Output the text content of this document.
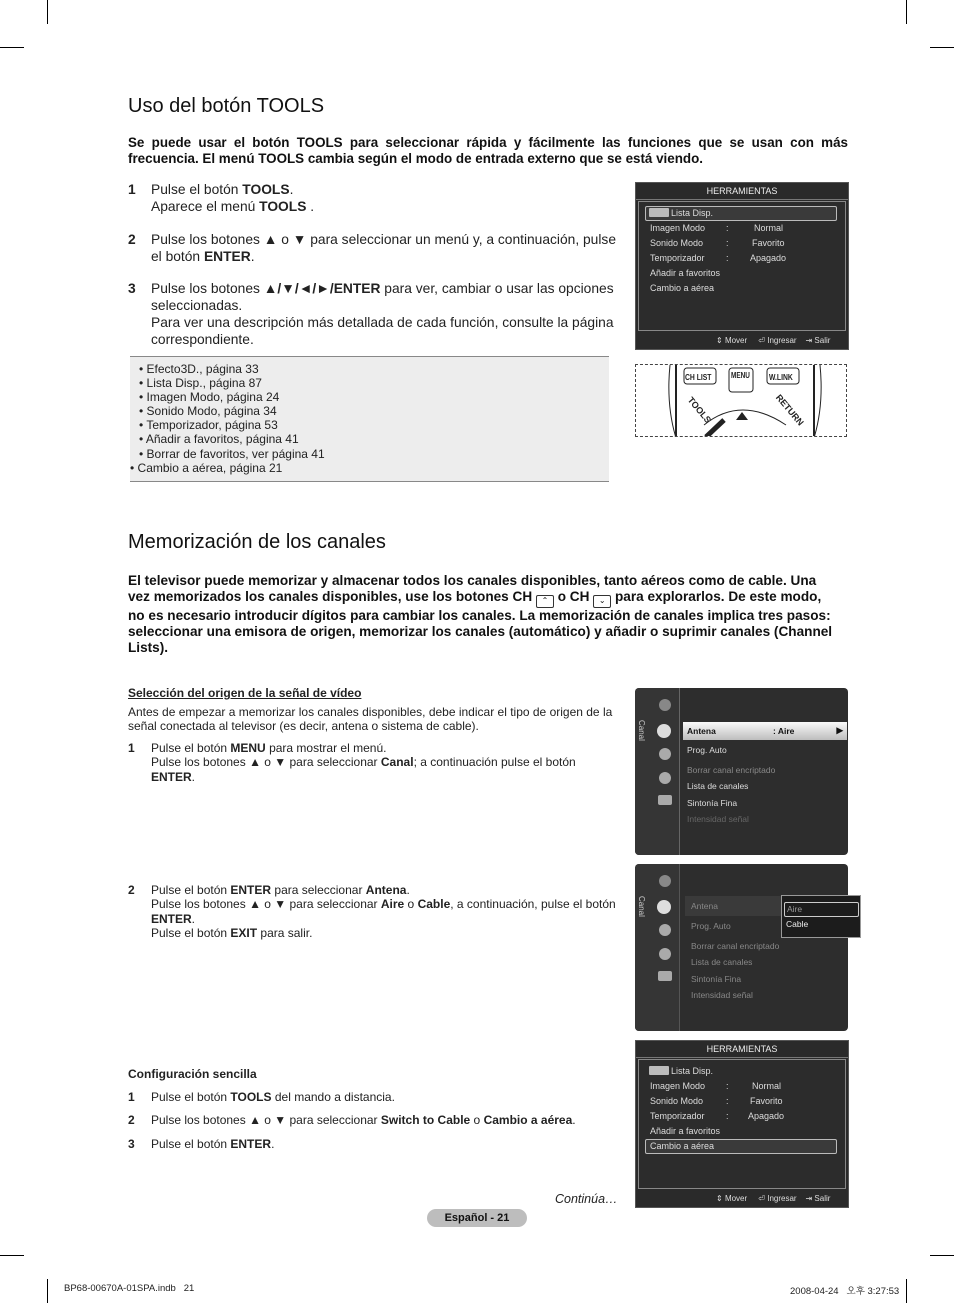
Uso del botón TOOLS
Se puede usar el botón TOOLS para seleccionar rápida y fácilmente las funciones que se usan con más frecuencia. El menú TOOLS cambia según el modo de entrada externo que se está viendo.
1 Pulse el botón TOOLS.
Aparece el menú TOOLS .
2 Pulse los botones ▲ o ▼ para seleccionar un menú y, a continuación, pulse el botón ENTER.
3 Pulse los botones ▲/▼/◄/►/ENTER para ver, cambiar o usar las opciones seleccionadas.
Para ver una descripción más detallada de cada función, consulte la página correspondiente.
• Efecto3D., página 33
• Lista Disp., página 87
• Imagen Modo, página 24
• Sonido Modo, página 34
• Temporizador, página 53
• Añadir a favoritos, página 41
• Borrar de favoritos, ver página 41
• Cambio a aérea, página 21
HERRAMIENTAS
Lista Disp.
Imagen Modo :	Normal
Sonido Modo	:	Favorito
Temporizador : Apagado
Añadir a favoritos
Cambio a aérea
⇕ Mover ⏎ Ingresar ⇥ Salir
CH LIST MENU W.LINK
TOOLS	RETURN
Memorización de los canales
El televisor puede memorizar y almacenar todos los canales disponibles, tanto aéreos como de cable. Una vez memorizados los canales disponibles, use los botones CH ⌃ o CH ⌄ para explorarlos. De este modo, no es necesario introducir dígitos para cambiar los canales. La memorización de canales implica tres pasos: seleccionar una emisora de origen, memorizar los canales (automático) y añadir o suprimir canales (Channel Lists).
Selección del origen de la señal de vídeo
Antes de empezar a memorizar los canales disponibles, debe indicar el tipo de origen de la señal conectada al televisor (es decir, antena o sistema de cable).
1 Pulse el botón MENU para mostrar el menú.
Pulse los botones ▲ o ▼ para seleccionar Canal; a continuación pulse el botón
ENTER.
2 Pulse el botón ENTER para seleccionar Antena.
Pulse los botones ▲ o ▼ para seleccionar Aire o Cable, a continuación, pulse el botón
ENTER.
Pulse el botón EXIT para salir.
Canal	Antena	: Aire	▶
Prog. Auto
Borrar canal encriptado
Lista de canales
Sintonía Fina
Intensidad señal
Canal	Antena
Prog. Auto
Borrar canal encriptado
Lista de canales
Sintonía Fina
Intensidad señal
Aire
Cable
Configuración sencilla
1 Pulse el botón TOOLS del mando a distancia.
2 Pulse los botones ▲ o ▼ para seleccionar Switch to Cable o Cambio a aérea.
3 Pulse el botón ENTER.
HERRAMIENTAS
Lista Disp.
Imagen Modo :	Normal
Sonido Modo	: Favorito
Temporizador : Apagado
Añadir a favoritos
Cambio a aérea
⇕ Mover ⏎ Ingresar ⇥ Salir
Continúa…
Español - 21
BP68-00670A-01SPA.indb   21	2008-04-24   오후 3:27:53
